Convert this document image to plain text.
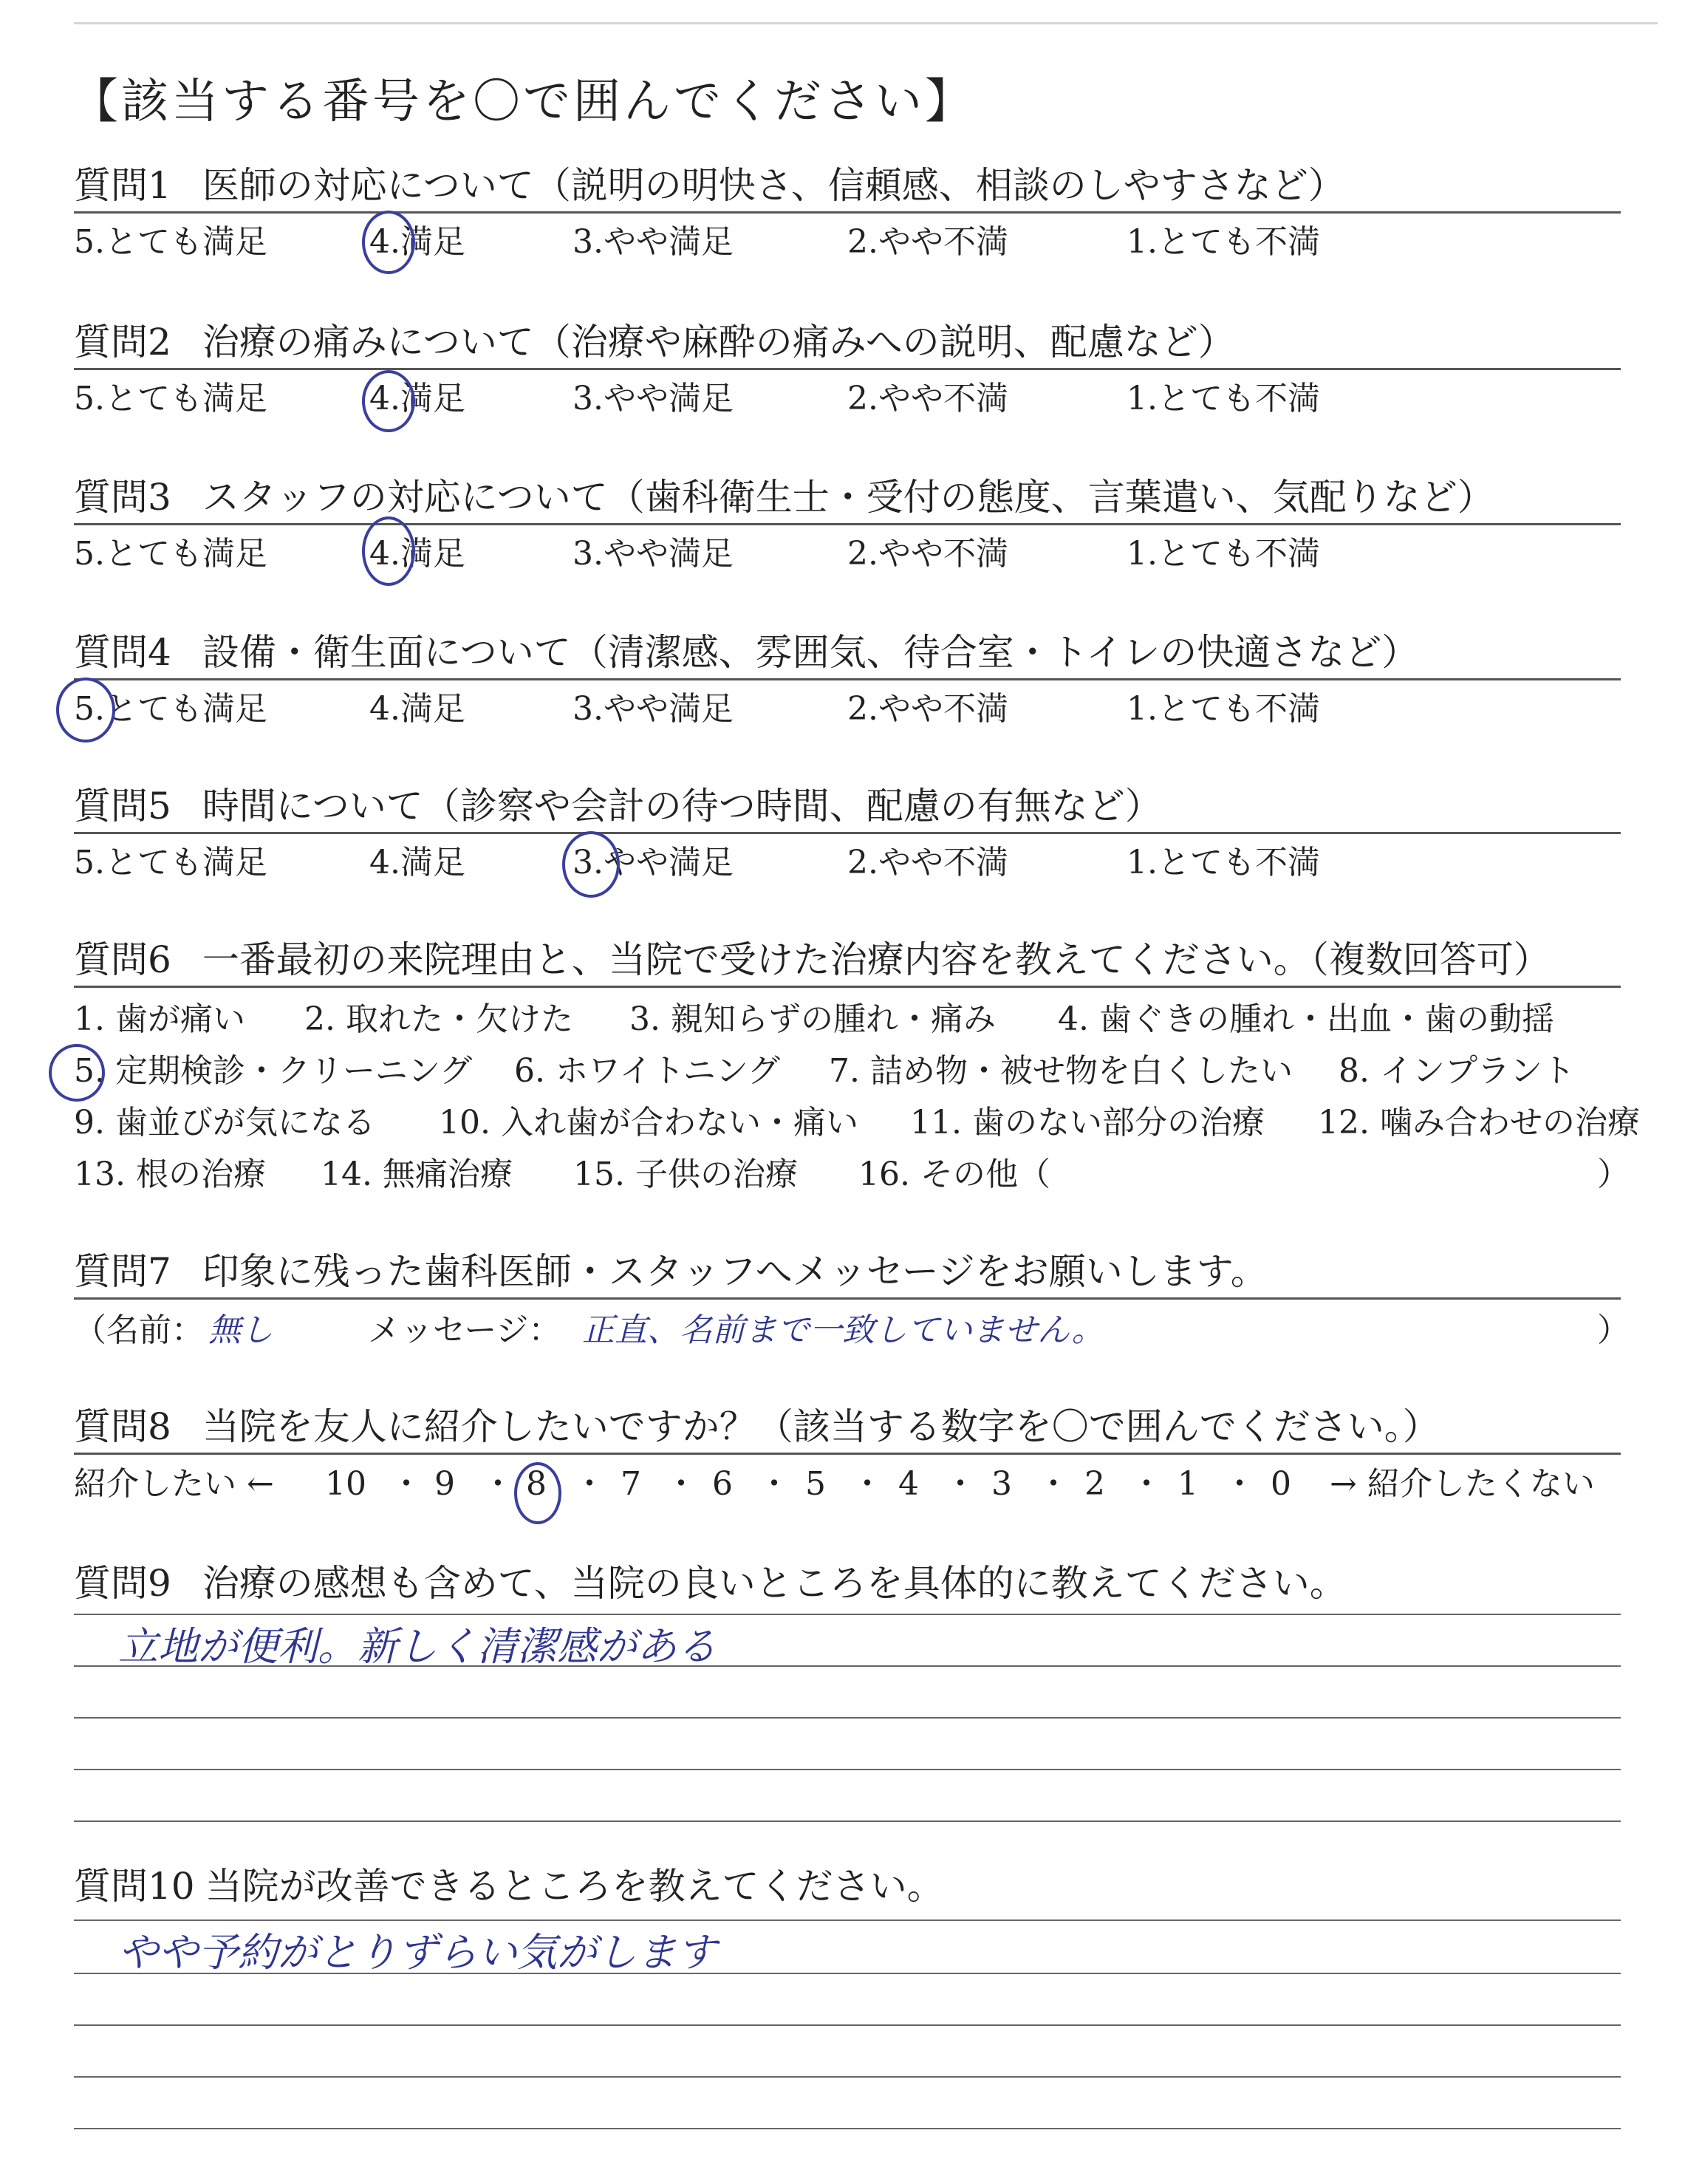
【該当する番号を〇で囲んでください】
質問1 医師の対応について（説明の明快さ、信頼感、相談のしやすさなど）
5.とても満足	4.満足	3.やや満足	2.やや不満	1.とても不満
質問2 治療の痛みについて（治療や麻酔の痛みへの説明、配慮など）
5.とても満足	4.満足	3.やや満足	2.やや不満	1.とても不満
質問3 スタッフの対応について（歯科衛生士・受付の態度、言葉遣い、気配りなど）
5.とても満足	4.満足	3.やや満足	2.やや不満	1.とても不満
質問4 設備・衛生面について（清潔感、雰囲気、待合室・トイレの快適さなど）
5.とても満足	4.満足	3.やや満足	2.やや不満	1.とても不満
質問5 時間について（診察や会計の待つ時間、配慮の有無など）
5.とても満足	4.満足	3.やや満足	2.やや不満	1.とても不満
質問6 一番最初の来院理由と、当院で受けた治療内容を教えてください。（複数回答可）
1. 歯が痛い 2. 取れた・欠けた 3. 親知らずの腫れ・痛み 4. 歯ぐきの腫れ・出血・歯の動揺
5. 定期検診・クリーニング 6. ホワイトニング 7. 詰め物・被せ物を白くしたい 8. インプラント
9. 歯並びが気になる 10. 入れ歯が合わない・痛い 11. 歯のない部分の治療 12. 噛み合わせの治療
13. 根の治療 14. 無痛治療 15. 子供の治療 16. その他（	）
質問7 印象に残った歯科医師・スタッフへメッセージをお願いします。
（名前： 無し	メッセージ： 正直、名前まで一致していません。	）
質問8 当院を友人に紹介したいですか？（該当する数字を〇で囲んでください。）
紹介したい ← 10 ・ 9 ・ 8 ・ 7 ・ 6 ・ 5 ・ 4 ・ 3 ・ 2 ・ 1 ・ 0 → 紹介したくない
質問9 治療の感想も含めて、当院の良いところを具体的に教えてください。
立地が便利。新しく清潔感がある
質問10 当院が改善できるところを教えてください。
やや予約がとりずらい気がします
